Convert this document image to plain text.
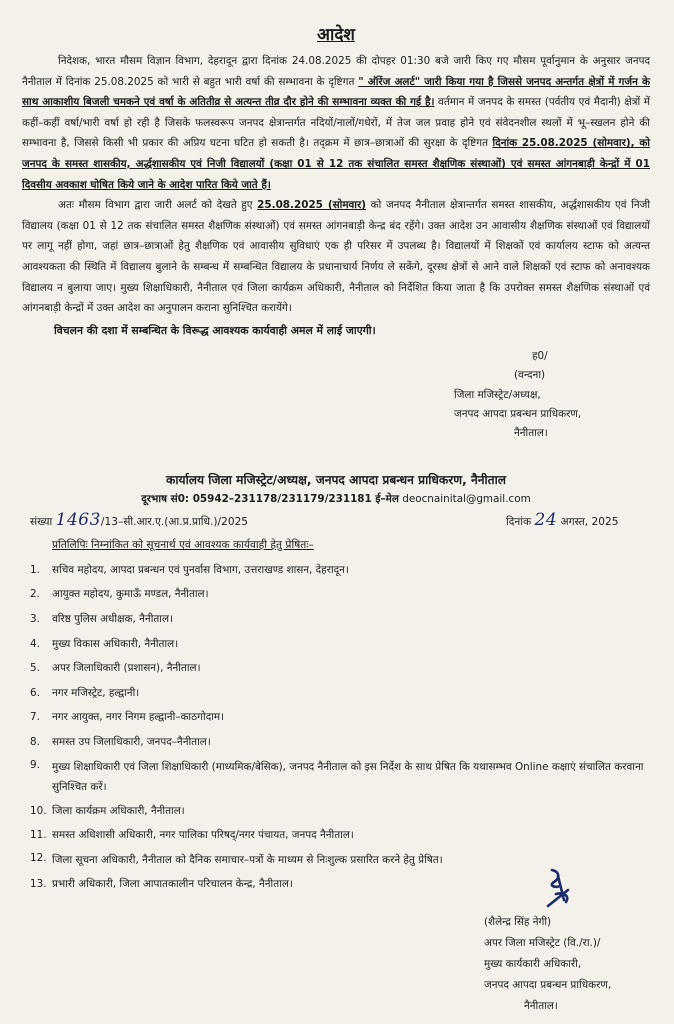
आदेश

निदेशक, भारत मौसम विज्ञान विभाग, देहरादून द्वारा दिनांक 24.08.2025 की दोपहर 01:30 बजे जारी किए गए मौसम पूर्वानुमान के अनुसार जनपद नैनीताल में दिनांक 25.08.2025 को भारी से बहुत भारी वर्षा की सम्भावना के दृष्टिगत " ऑरेंज अलर्ट" जारी किया गया है जिससे जनपद अन्तर्गत क्षेत्रों में गर्जन के साथ आकाशीय बिजली चमकने एवं वर्षा के अतितीव्र से अत्यन्त तीव्र दौर होने की सम्भावना व्यक्त की गई है। वर्तमान में जनपद के समस्त (पर्वतीय एवं मैदानी) क्षेत्रों में कहीं–कहीं वर्षा/भारी वर्षा हो रही है जिसके फलस्वरूप जनपद क्षेत्रान्तर्गत नदियों/नालों/गधेरों, में तेज जल प्रवाह होने एवं संवेदनशील स्थलों में भू–स्खलन होने की सम्भावना है, जिससे किसी भी प्रकार की अप्रिय घटना घटित हो सकती है। तद्क्रम में छात्र–छात्राओं की सुरक्षा के दृष्टिगत दिनांक 25.08.2025 (सोमवार), को जनपद के समस्त शासकीय, अर्द्धशासकीय एवं निजी विद्यालयों (कक्षा 01 से 12 तक संचालित समस्त शैक्षणिक संस्थाओं) एवं समस्त आंगनबाड़ी केन्द्रों में 01 दिवसीय अवकाश घोषित किये जाने के आदेश पारित किये जाते हैं।

अतः मौसम विभाग द्वारा जारी अलर्ट को देखते हुए 25.08.2025 (सोमवार) को जनपद नैनीताल क्षेत्रान्तर्गत समस्त शासकीय, अर्द्धशासकीय एवं निजी विद्यालय (कक्षा 01 से 12 तक संचालित समस्त शैक्षणिक संस्थाओं) एवं समस्त आंगनबाड़ी केन्द्र बंद रहेंगे। उक्त आदेश उन आवासीय शैक्षणिक संस्थाओं एवं विद्यालयों पर लागू नहीं होगा, जहां छात्र–छात्राओं हेतु शैक्षणिक एवं आवासीय सुविधाएं एक ही परिसर में उपलब्ध है। विद्यालयों में शिक्षकों एवं कार्यालय स्टाफ को अत्यन्त आवश्यकता की स्थिति में विद्यालय बुलाने के सम्बन्ध में सम्बन्धित विद्यालय के प्रधानाचार्य निर्णय ले सकेंगे, दूरस्थ क्षेत्रों से आने वाले शिक्षकों एवं स्टाफ को अनावश्यक विद्यालय न बुलाया जाए। मुख्य शिक्षाधिकारी, नैनीताल एवं जिला कार्यक्रम अधिकारी, नैनीताल को निर्देशित किया जाता है कि उपरोक्त समस्त शैक्षणिक संस्थाओं एवं आंगनबाड़ी केन्द्रों में उक्त आदेश का अनुपालन कराना सुनिश्चित करायेंगे।

विचलन की दशा में सम्बन्धित के विरूद्ध आवश्यक कार्यवाही अमल में लाई जाएगी।

ह0/
(वन्दना)
जिला मजिस्ट्रेट/अध्यक्ष,
जनपद आपदा प्रबन्धन प्राधिकरण,
नैनीताल।
कार्यालय जिला मजिस्ट्रेट/अध्यक्ष, जनपद आपदा प्रबन्धन प्राधिकरण, नैनीताल
दूरभाष सं0: 05942–231178/231179/231181 ई–मेल deocnainital@gmail.com
संख्या 1463/13–सी.आर.ए.(आ.प्र.प्राधि.)/2025	दिनांक 24 अगस्त, 2025
प्रतिलिपिः निम्नांकित को सूचनार्थ एवं आवश्यक कार्यवाही हेतु प्रेषितः–
1. सचिव महोदय, आपदा प्रबन्धन एवं पुनर्वास विभाग, उत्तराखण्ड शासन, देहरादून।
2. आयुक्त महोदय, कुमाऊँ मण्डल, नैनीताल।
3. वरिष्ठ पुलिस अधीक्षक, नैनीताल।
4. मुख्य विकास अधिकारी, नैनीताल।
5. अपर जिलाधिकारी (प्रशासन), नैनीताल।
6. नगर मजिस्ट्रेट, हल्द्वानी।
7. नगर आयुक्त, नगर निगम हल्द्वानी–काठगोदाम।
8. समस्त उप जिलाधिकारी, जनपद–नैनीताल।
9. मुख्य शिक्षाधिकारी एवं जिला शिक्षाधिकारी (माध्यमिक/बेसिक), जनपद नैनीताल को इस निर्देश के साथ प्रेषित कि यथासम्भव Online कक्षाएं संचालित करवाना सुनिश्चित करें।
10. जिला कार्यक्रम अधिकारी, नैनीताल।
11. समस्त अधिशासी अधिकारी, नगर पालिका परिषद्/नगर पंचायत, जनपद नैनीताल।
12. जिला सूचना अधिकारी, नैनीताल को दैनिक समाचार–पत्रों के माध्यम से निःशुल्क प्रसारित करने हेतु प्रेषित।
13. प्रभारी अधिकारी, जिला आपातकालीन परिचालन केन्द्र, नैनीताल।
(शैलेन्द्र सिंह नेगी)
अपर जिला मजिस्ट्रेट (वि./रा.)/
मुख्य कार्यकारी अधिकारी,
जनपद आपदा प्रबन्धन प्राधिकरण,
नैनीताल।
